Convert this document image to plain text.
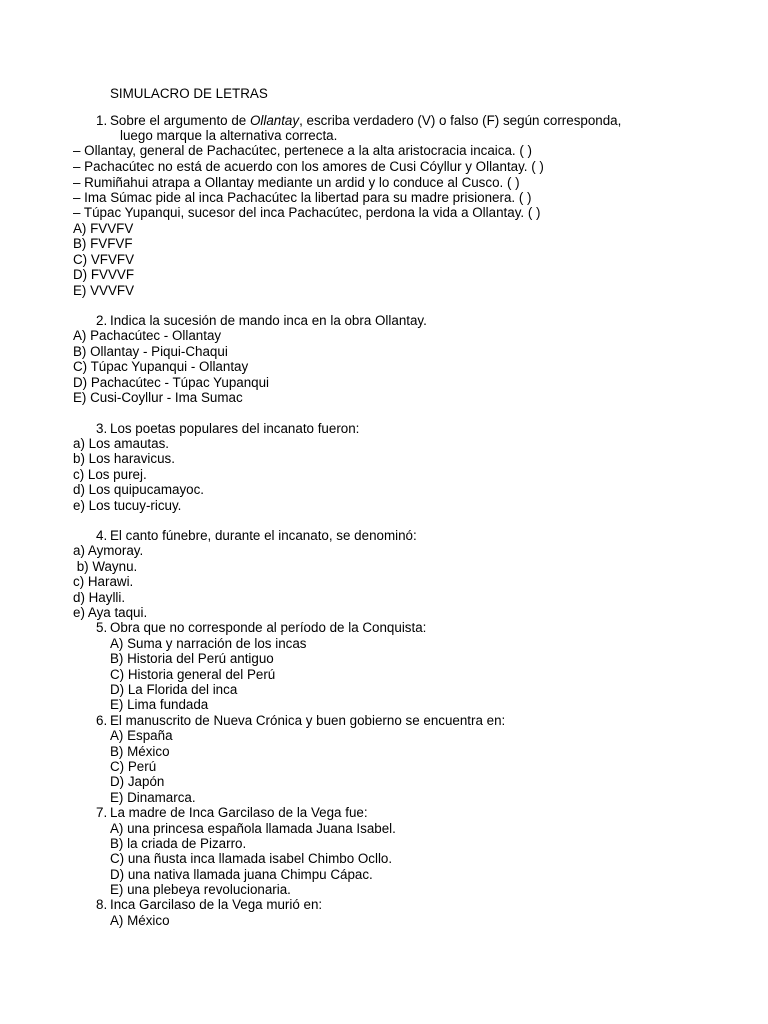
SIMULACRO DE LETRAS
1. Sobre el argumento de Ollantay, escriba verdadero (V) o falso (F) según corresponda,
luego marque la alternativa correcta.
– Ollantay, general de Pachacútec, pertenece a la alta aristocracia incaica. ( )
– Pachacútec no está de acuerdo con los amores de Cusi Cóyllur y Ollantay. ( )
– Rumiñahui atrapa a Ollantay mediante un ardid y lo conduce al Cusco. ( )
– Ima Súmac pide al inca Pachacútec la libertad para su madre prisionera. ( )
– Túpac Yupanqui, sucesor del inca Pachacútec, perdona la vida a Ollantay. ( )
A) FVVFV
B) FVFVF
C) VFVFV
D) FVVVF
E) VVVFV
2. Indica la sucesión de mando inca en la obra Ollantay.
A) Pachacútec - Ollantay
B) Ollantay - Piqui-Chaqui
C) Túpac Yupanqui - Ollantay
D) Pachacútec - Túpac Yupanqui
E) Cusi-Coyllur - Ima Sumac
3. Los poetas populares del incanato fueron:
a) Los amautas.
b) Los haravicus.
c) Los purej.
d) Los quipucamayoc.
e) Los tucuy-ricuy.
4. El canto fúnebre, durante el incanato, se denominó:
a) Aymoray.
b) Waynu.
c) Harawi.
d) Haylli.
e) Aya taqui.
5. Obra que no corresponde al período de la Conquista:
A) Suma y narración de los incas
B) Historia del Perú antiguo
C) Historia general del Perú
D) La Florida del inca
E) Lima fundada
6. El manuscrito de Nueva Crónica y buen gobierno se encuentra en:
A) España
B) México
C) Perú
D) Japón
E) Dinamarca.
7. La madre de Inca Garcilaso de la Vega fue:
A) una princesa española llamada Juana Isabel.
B) la criada de Pizarro.
C) una ñusta inca llamada isabel Chimbo Ocllo.
D) una nativa llamada juana Chimpu Cápac.
E) una plebeya revolucionaria.
8. Inca Garcilaso de la Vega murió en:
A) México
